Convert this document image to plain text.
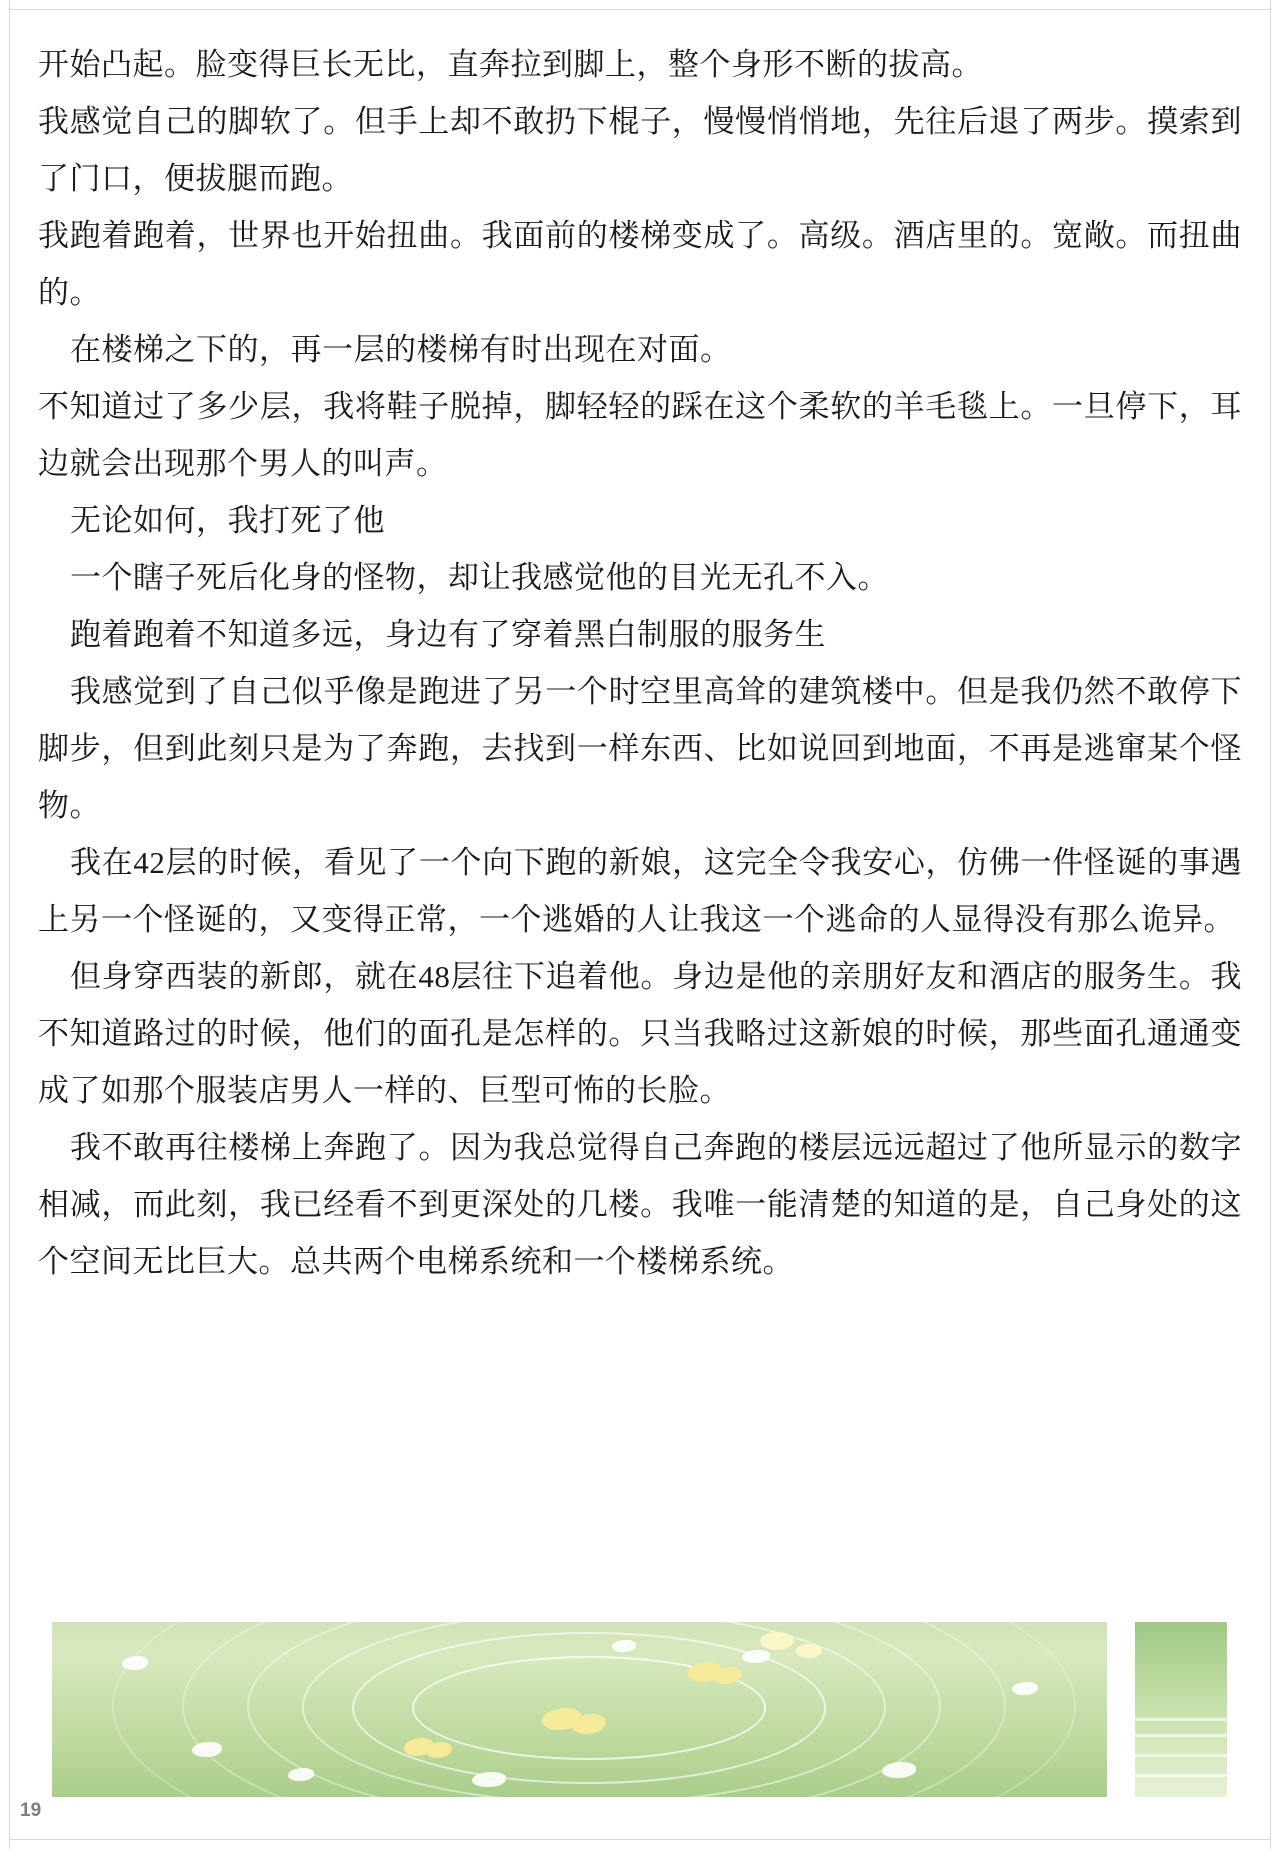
开始凸起。脸变得巨长无比，直奔拉到脚上，整个身形不断的拔高。

我感觉自己的脚软了。但手上却不敢扔下棍子，慢慢悄悄地，先往后退了两步。摸索到了门口，便拔腿而跑。

我跑着跑着，世界也开始扭曲。我面前的楼梯变成了。高级。酒店里的。宽敞。而扭曲的。

在楼梯之下的，再一层的楼梯有时出现在对面。

不知道过了多少层，我将鞋子脱掉，脚轻轻的踩在这个柔软的羊毛毯上。一旦停下，耳边就会出现那个男人的叫声。

无论如何，我打死了他

一个瞎子死后化身的怪物，却让我感觉他的目光无孔不入。

跑着跑着不知道多远，身边有了穿着黑白制服的服务生

我感觉到了自己似乎像是跑进了另一个时空里高耸的建筑楼中。但是我仍然不敢停下脚步，但到此刻只是为了奔跑，去找到一样东西、比如说回到地面，不再是逃窜某个怪物。

我在42层的时候，看见了一个向下跑的新娘，这完全令我安心，仿佛一件怪诞的事遇上另一个怪诞的，又变得正常，一个逃婚的人让我这一个逃命的人显得没有那么诡异。

但身穿西装的新郎，就在48层往下追着他。身边是他的亲朋好友和酒店的服务生。我不知道路过的时候，他们的面孔是怎样的。只当我略过这新娘的时候，那些面孔通通变成了如那个服装店男人一样的、巨型可怖的长脸。

我不敢再往楼梯上奔跑了。因为我总觉得自己奔跑的楼层远远超过了他所显示的数字相减，而此刻，我已经看不到更深处的几楼。我唯一能清楚的知道的是，自己身处的这个空间无比巨大。总共两个电梯系统和一个楼梯系统。

19
